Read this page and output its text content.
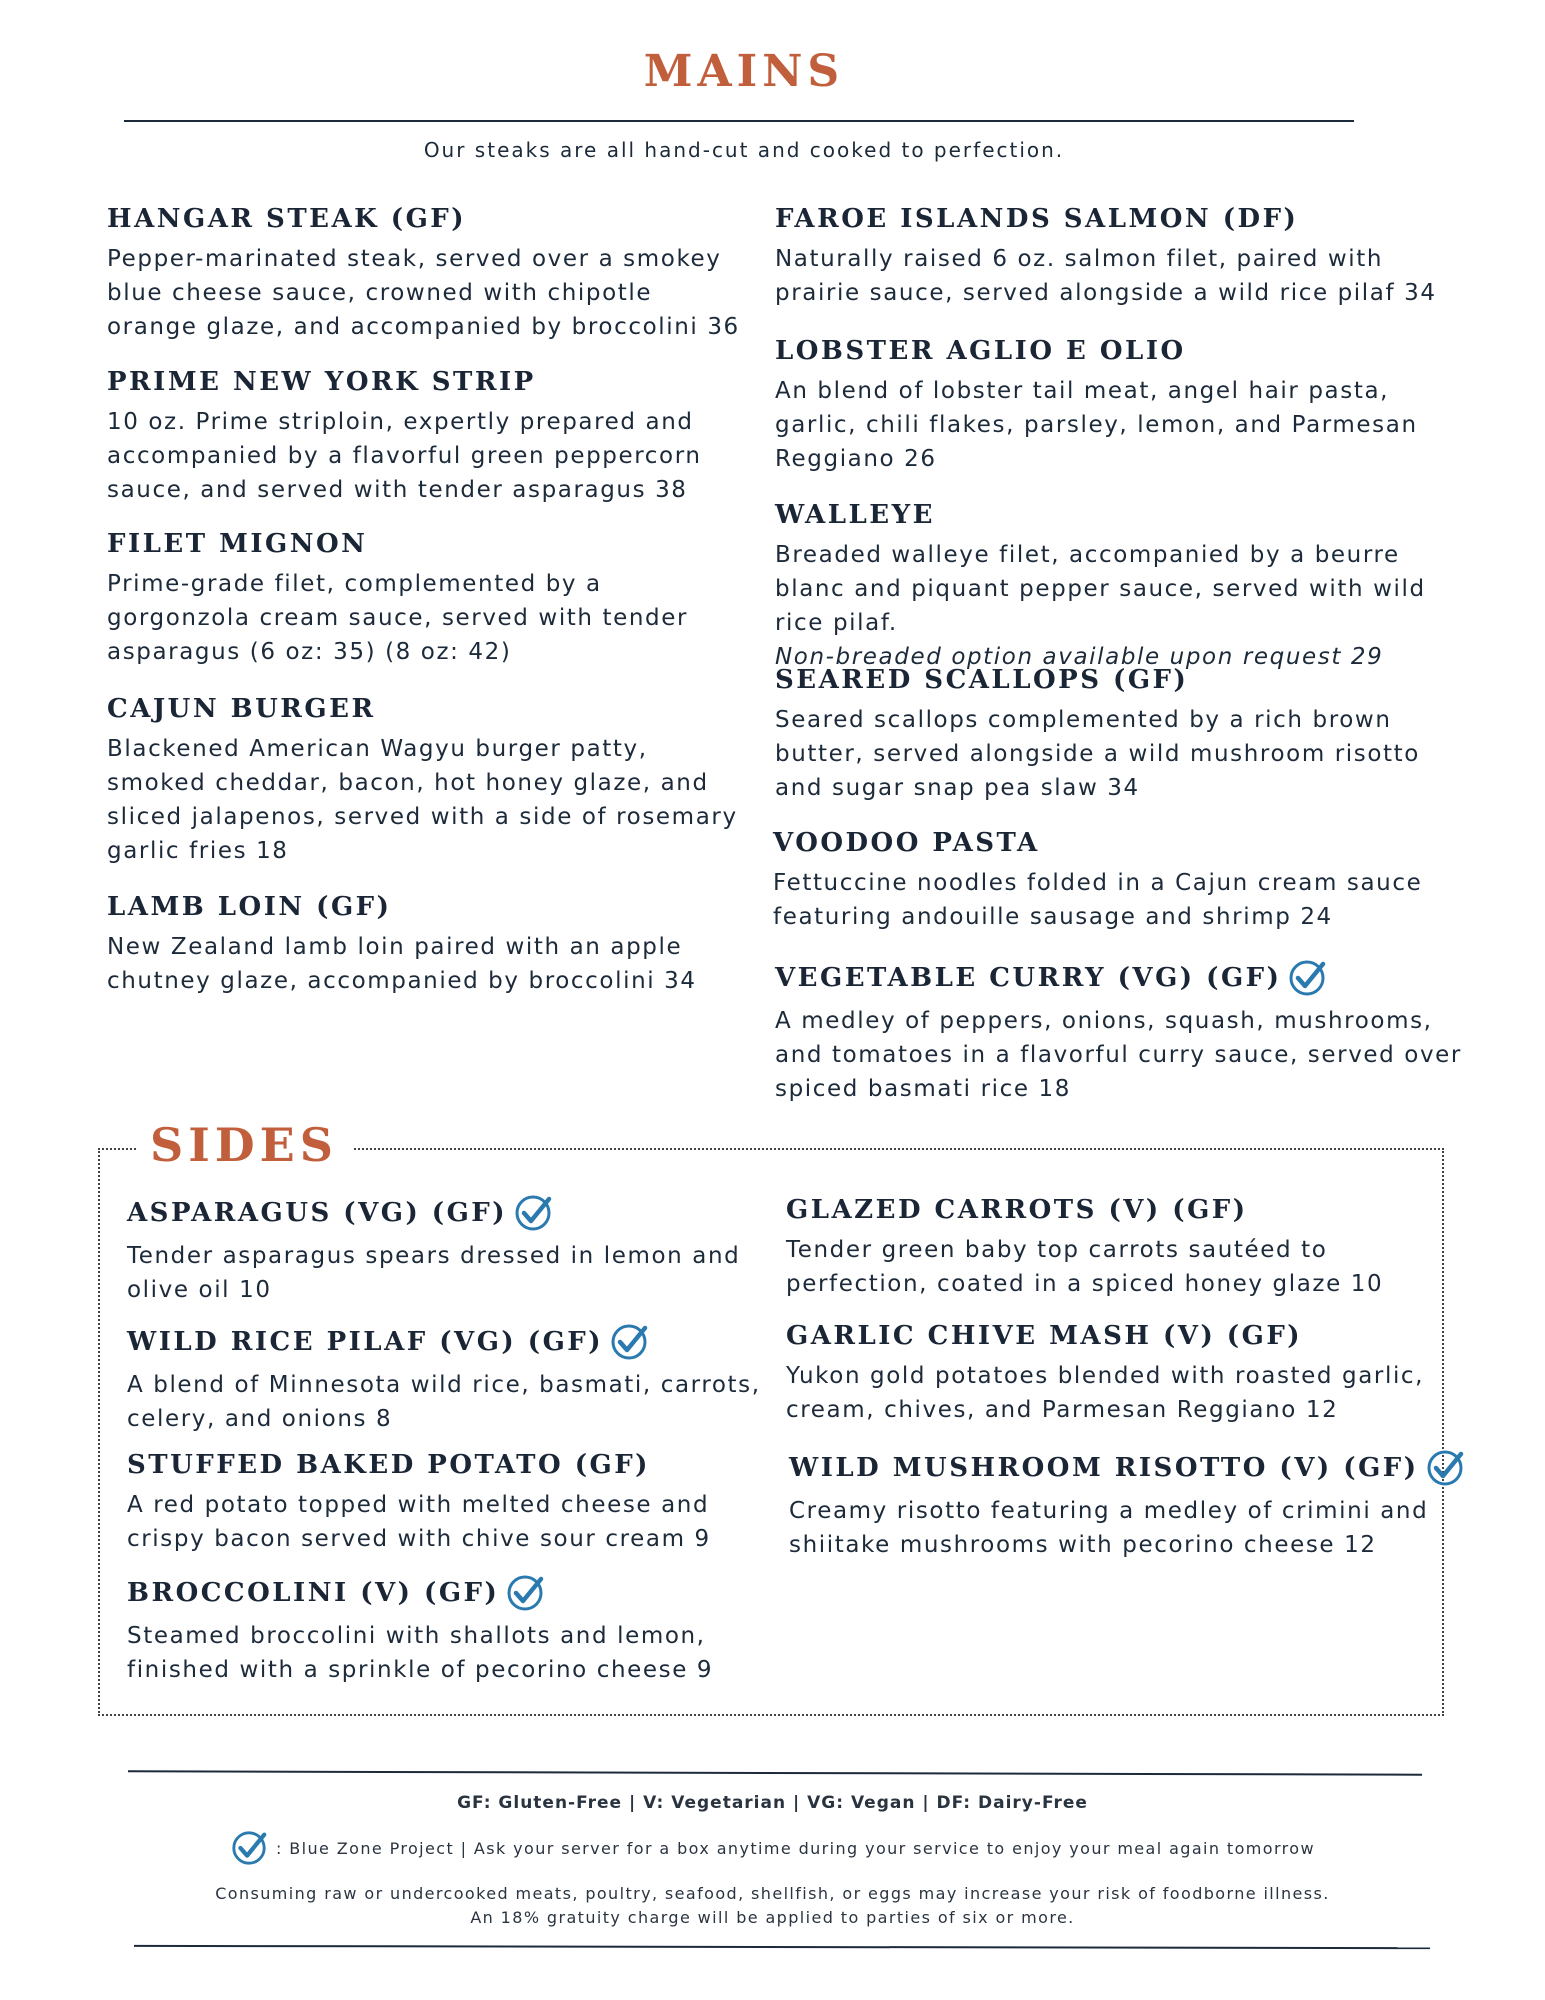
MAINS
Our steaks are all hand-cut and cooked to perfection.
HANGAR STEAK (GF)
Pepper-marinated steak, served over a smokey blue cheese sauce, crowned with chipotle orange glaze, and accompanied by broccolini 36
PRIME NEW YORK STRIP
10 oz. Prime striploin, expertly prepared and accompanied by a flavorful green peppercorn sauce, and served with tender asparagus 38
FILET MIGNON
Prime-grade filet, complemented by a gorgonzola cream sauce, served with tender asparagus (6 oz: 35) (8 oz: 42)
CAJUN BURGER
Blackened American Wagyu burger patty, smoked cheddar, bacon, hot honey glaze, and sliced jalapenos, served with a side of rosemary garlic fries 18
LAMB LOIN (GF)
New Zealand lamb loin paired with an apple chutney glaze, accompanied by broccolini 34
FAROE ISLANDS SALMON (DF)
Naturally raised 6 oz. salmon filet, paired with prairie sauce, served alongside a wild rice pilaf 34
LOBSTER AGLIO E OLIO
An blend of lobster tail meat, angel hair pasta, garlic, chili flakes, parsley, lemon, and Parmesan Reggiano 26
WALLEYE
Breaded walleye filet, accompanied by a beurre blanc and piquant pepper sauce, served with wild rice pilaf.
Non-breaded option available upon request 29
SEARED SCALLOPS (GF)
Seared scallops complemented by a rich brown butter, served alongside a wild mushroom risotto and sugar snap pea slaw 34
VOODOO PASTA
Fettuccine noodles folded in a Cajun cream sauce featuring andouille sausage and shrimp 24
VEGETABLE CURRY (VG) (GF)
A medley of peppers, onions, squash, mushrooms, and tomatoes in a flavorful curry sauce, served over spiced basmati rice 18
SIDES
ASPARAGUS (VG) (GF)
Tender asparagus spears dressed in lemon and olive oil 10
WILD RICE PILAF (VG) (GF)
A blend of Minnesota wild rice, basmati, carrots, celery, and onions 8
STUFFED BAKED POTATO (GF)
A red potato topped with melted cheese and crispy bacon served with chive sour cream 9
BROCCOLINI (V) (GF)
Steamed broccolini with shallots and lemon, finished with a sprinkle of pecorino cheese 9
GLAZED CARROTS (V) (GF)
Tender green baby top carrots sautéed to perfection, coated in a spiced honey glaze 10
GARLIC CHIVE MASH (V) (GF)
Yukon gold potatoes blended with roasted garlic, cream, chives, and Parmesan Reggiano 12
WILD MUSHROOM RISOTTO (V) (GF)
Creamy risotto featuring a medley of crimini and shiitake mushrooms with pecorino cheese 12
GF: Gluten-Free | V: Vegetarian | VG: Vegan | DF: Dairy-Free
: Blue Zone Project | Ask your server for a box anytime during your service to enjoy your meal again tomorrow
Consuming raw or undercooked meats, poultry, seafood, shellfish, or eggs may increase your risk of foodborne illness.
An 18% gratuity charge will be applied to parties of six or more.
